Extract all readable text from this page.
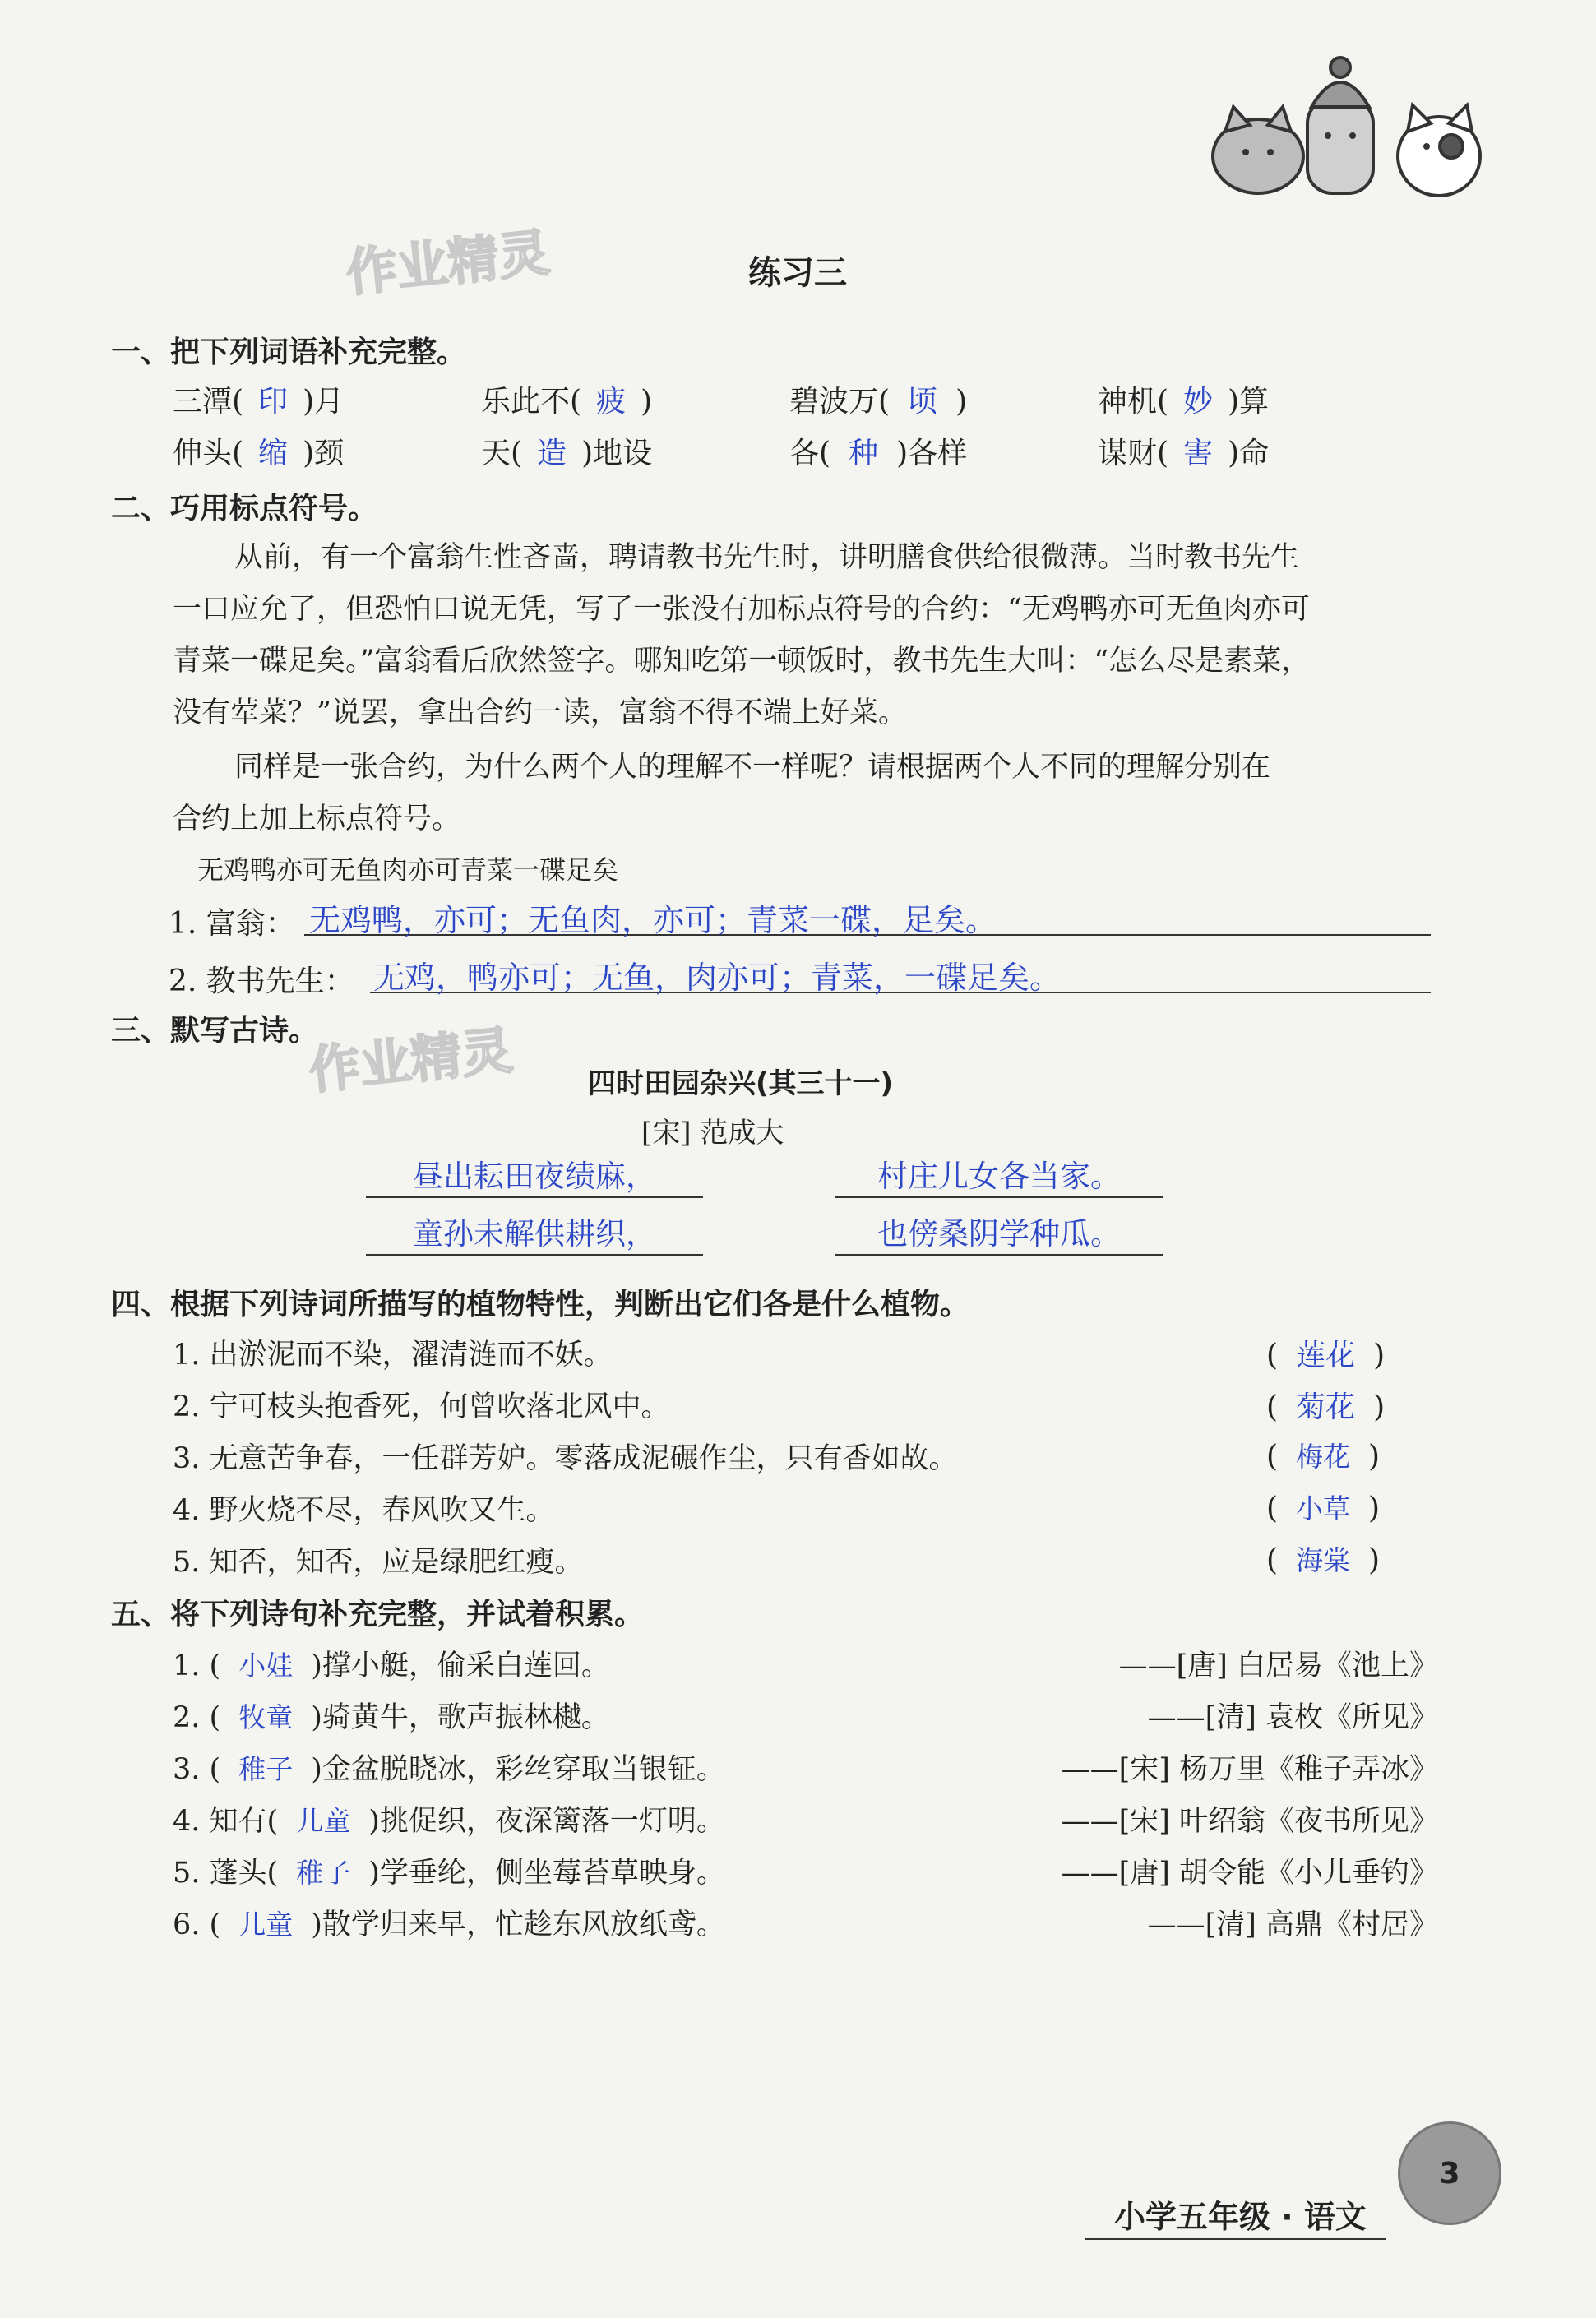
作业精灵
作业精灵
练习三
一、把下列词语补充完整。
三潭( 印 )月	乐此不( 疲 )	碧波万( 顷 )	神机( 妙 )算
伸头( 缩 )颈	天( 造 )地设	各( 种 )各样	谋财( 害 )命
二、巧用标点符号。
从前，有一个富翁生性吝啬，聘请教书先生时，讲明膳食供给很微薄。当时教书先生
一口应允了，但恐怕口说无凭，写了一张没有加标点符号的合约：“无鸡鸭亦可无鱼肉亦可
青菜一碟足矣。”富翁看后欣然签字。哪知吃第一顿饭时，教书先生大叫：“怎么尽是素菜，
没有荤菜？”说罢，拿出合约一读，富翁不得不端上好菜。
同样是一张合约，为什么两个人的理解不一样呢？请根据两个人不同的理解分别在
合约上加上标点符号。
无鸡鸭亦可无鱼肉亦可青菜一碟足矣
1. 富翁： 无鸡鸭，亦可；无鱼肉，亦可；青菜一碟，足矣。
2. 教书先生： 无鸡，鸭亦可；无鱼，肉亦可；青菜，一碟足矣。
三、默写古诗。
四时田园杂兴(其三十一)
[宋] 范成大
昼出耘田夜绩麻，	村庄儿女各当家。
童孙未解供耕织，	也傍桑阴学种瓜。
四、根据下列诗词所描写的植物特性，判断出它们各是什么植物。
1. 出淤泥而不染，濯清涟而不妖。	( 莲花 )
2. 宁可枝头抱香死，何曾吹落北风中。	( 菊花 )
3. 无意苦争春，一任群芳妒。零落成泥碾作尘，只有香如故。	( 梅花 )
4. 野火烧不尽，春风吹又生。	( 小草 )
5. 知否，知否，应是绿肥红瘦。	( 海棠 )
五、将下列诗句补充完整，并试着积累。
1. ( 小娃 )撑小艇，偷采白莲回。	——[唐] 白居易《池上》
2. ( 牧童 )骑黄牛，歌声振林樾。	——[清] 袁枚《所见》
3. ( 稚子 )金盆脱晓冰，彩丝穿取当银钲。	——[宋] 杨万里《稚子弄冰》
4. 知有( 儿童 )挑促织，夜深篱落一灯明。	——[宋] 叶绍翁《夜书所见》
5. 蓬头( 稚子 )学垂纶，侧坐莓苔草映身。	——[唐] 胡令能《小儿垂钓》
6. ( 儿童 )散学归来早，忙趁东风放纸鸢。	——[清] 高鼎《村居》
小学五年级 · 语文
3
